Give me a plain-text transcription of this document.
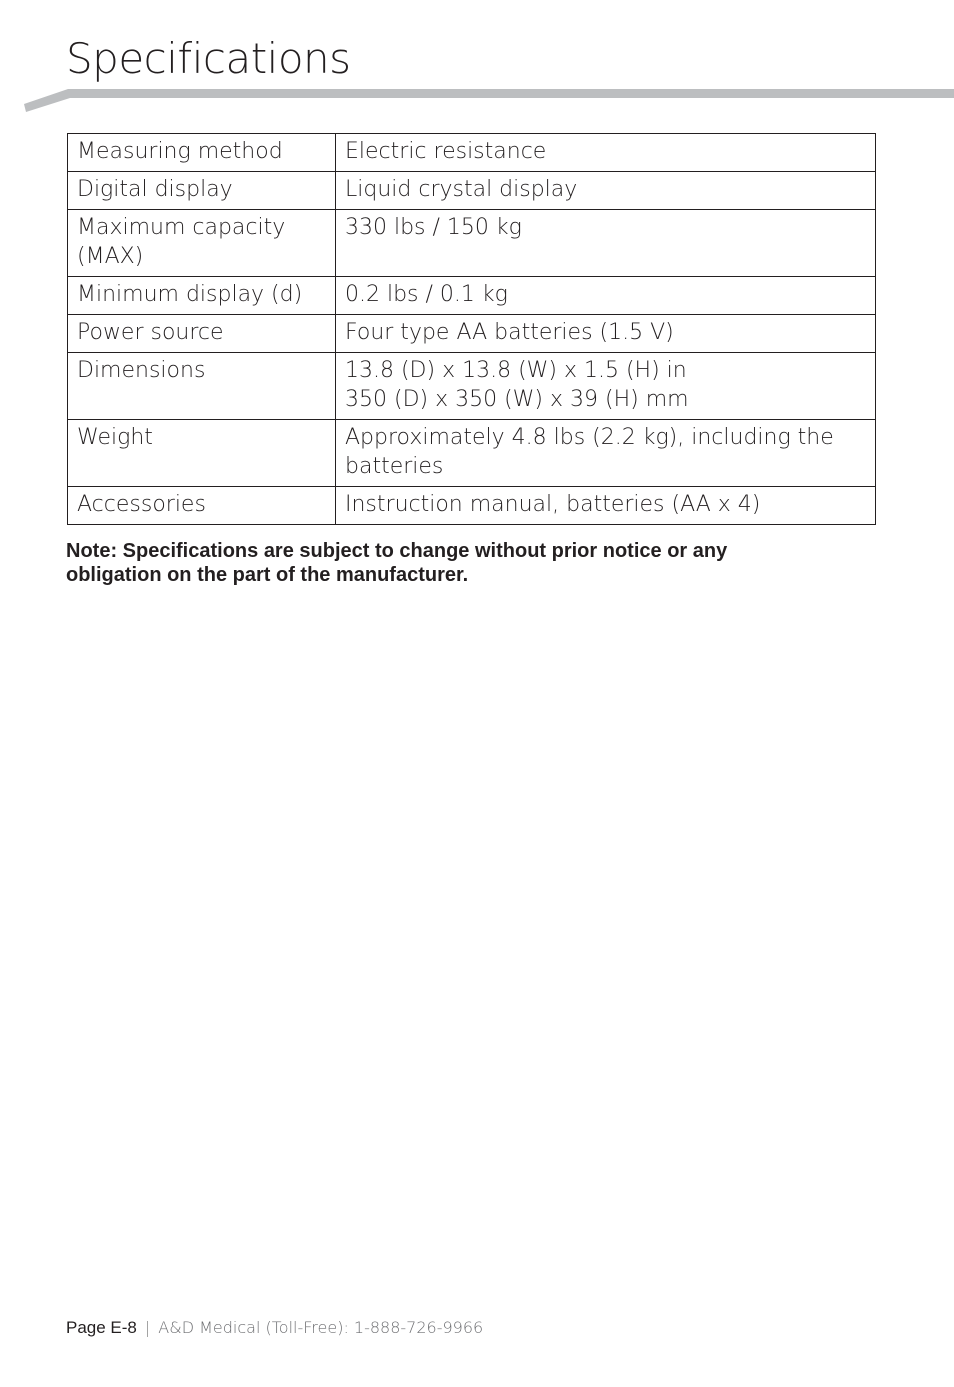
Specifications
Measuring method	Electric resistance

Digital display	Liquid crystal display

Maximum capacity (MAX)	330 lbs / 150 kg

Minimum display (d)	0.2 lbs / 0.1 kg

Power source	Four type AA batteries (1.5 V)

Dimensions	13.8 (D) x 13.8 (W) x 1.5 (H) in
350 (D) x 350 (W) x 39 (H) mm

Weight	Approximately 4.8 lbs (2.2 kg), including the batteries

Accessories	Instruction manual, batteries (AA x 4)

Note: Specifications are subject to change without prior notice or any obligation on the part of the manufacturer.

Page E-8 | A&D Medical (Toll-Free): 1-888-726-9966
